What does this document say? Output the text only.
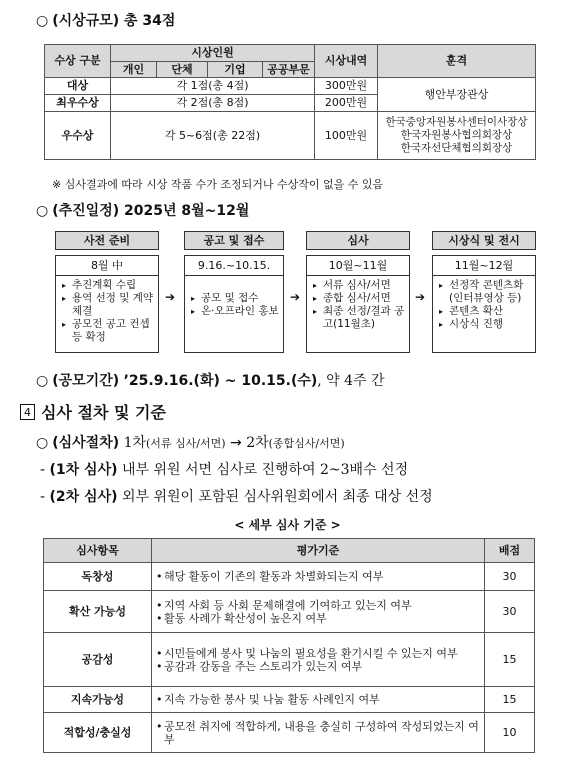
○ (시상규모) 총 34점
수상 구분	시상인원				시상내역	훈격
	개인	단체	기업	공공부문		
대상	각 1점(총 4점)				300만원	행안부장관상
최우수상	각 2점(총 8점)				200만원	
우수상	각 5~6점(총 22점)				100만원	한국중앙자원봉사센터이사장상
한국자원봉사협의회장상
한국자선단체협의회장상
※ 심사결과에 따라 시상 작품 수가 조정되거나 수상작이 없을 수 있음
○ (추진일정) 2025년 8월~12월
사전 준비	공고 및 접수	심사	시상식 및 전시
8월 中
▸ 추진계획 수립
▸ 용역 선정 및 계약체결
▸ 공모전 공고 컨셉 등 확정
9.16.~10.15.
▸ 공모 및 접수
▸ 온·오프라인 홍보
10월~11월
▸ 서류 심사/서면
▸ 종합 심사/서면
▸ 최종 선정/결과 공고(11월초)
11월~12월
▸ 선정작 콘텐츠화 (인터뷰영상 등)
▸ 콘텐츠 확산
▸ 시상식 진행
➔	➔	➔
○ (공모기간) ’25.9.16.(화) ~ 10.15.(수), 약 4주 간
4 심사 절차 및 기준
○ (심사절차) 1차(서류 심사/서면) → 2차(종합심사/서면)
- (1차 심사) 내부 위원 서면 심사로 진행하여 2~3배수 선정
- (2차 심사) 외부 위원이 포함된 심사위원회에서 최종 대상 선정
< 세부 심사 기준 >
심사항목	평가기준	배점
독창성	• 해당 활동이 기존의 활동과 차별화되는지 여부	30
확산 가능성	• 지역 사회 등 사회 문제해결에 기여하고 있는지 여부
• 활동 사례가 확산성이 높은지 여부	30
공감성	• 시민들에게 봉사 및 나눔의 필요성을 환기시킬 수 있는지 여부
• 공감과 감동을 주는 스토리가 있는지 여부	15
지속가능성	• 지속 가능한 봉사 및 나눔 활동 사례인지 여부	15
적합성/충실성	• 공모전 취지에 적합하게, 내용을 충실히 구성하여 작성되었는지 여부	10
